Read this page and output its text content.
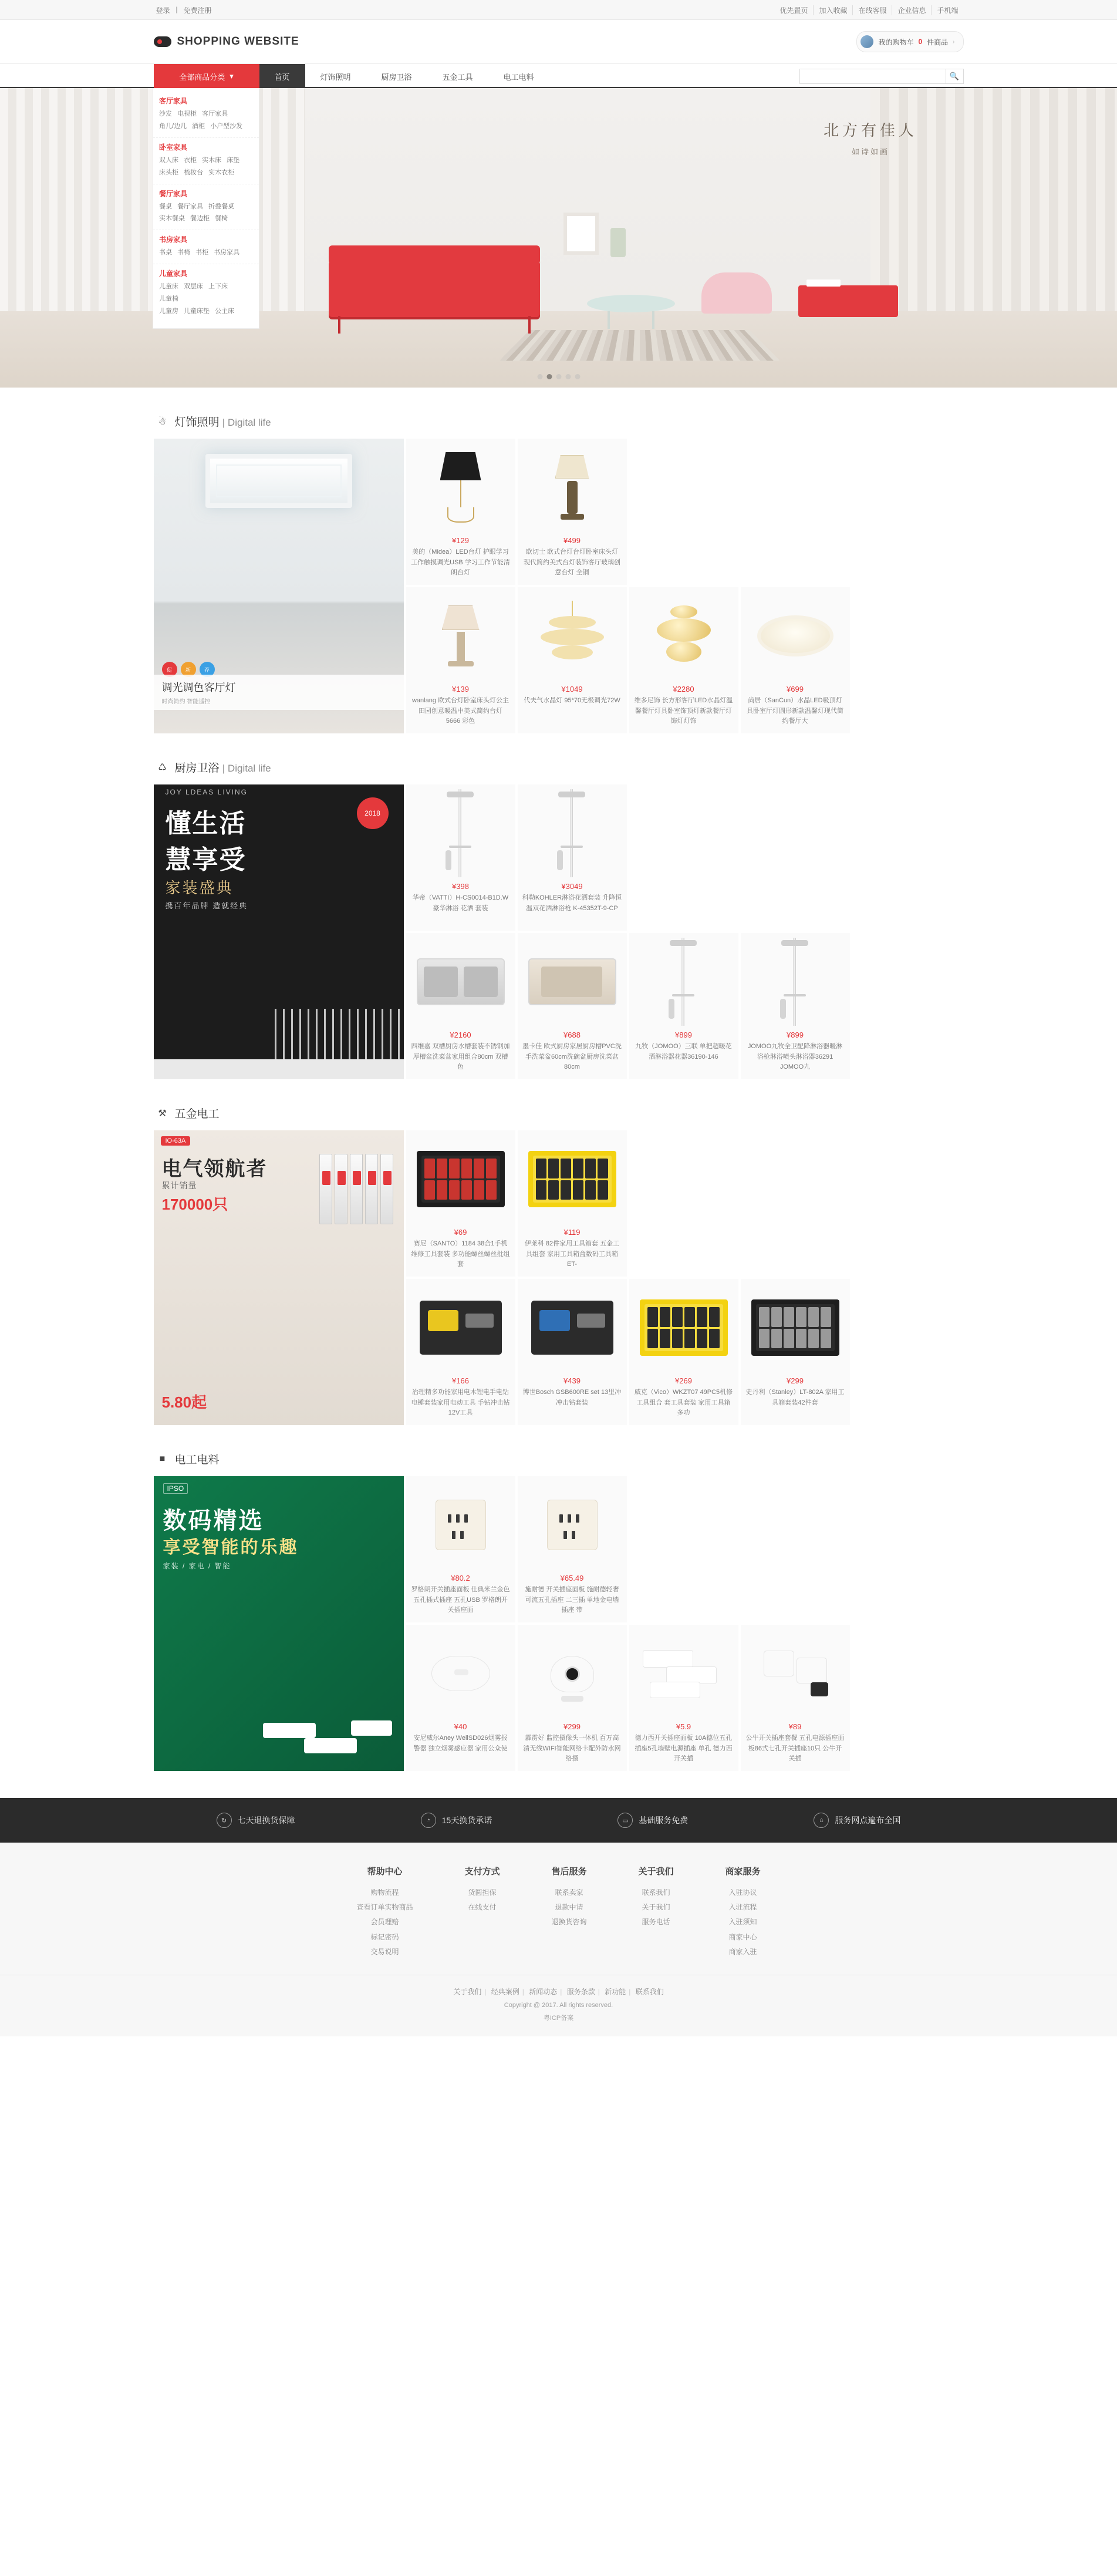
登录 | 免费注册	优先置页	加入收藏	在线客服	企业信息	手机端
SHOPPING WEBSITE	我的购物车 0 件商品 ›
全部商品分类 ▾	首页	灯饰照明	厨房卫浴	五金工具	电工电料	🔍
北方有佳人
如诗如画
客厅家具
沙发 电视柜 客厅家具
角几/边几 酒柜 小户型沙发
卧室家具
双人床 衣柜 实木床 床垫
床头柜 梳妆台 实木衣柜
餐厅家具
餐桌 餐厅家具 折叠餐桌
实木餐桌 餐边柜 餐椅
书房家具
书桌 书椅 书柜 书房家具
儿童家具
儿童床 双层床 上下床 儿童椅
儿童房 儿童床垫 公主床
☃ 灯饰照明 | Digital life
促	新	荐
调光调色客厅灯
时尚简约 智能遥控
¥129
美的（Midea）LED台灯 护眼学习工作触摸调光USB 学习工作节能清朗台灯
¥499
欧切士 欧式台灯台灯卧室床头灯 现代简约美式台灯装饰客厅玻璃创意台灯 全铜
¥139
wanlang 欧式台灯卧室床头灯公主田园创意暖温中美式简约台灯 5666 彩色
¥1049
代夫气水晶灯 95*70无极调光72W
¥2280
维多尼饰 长方形客厅LED水晶灯温馨餐厅灯具卧室饰顶灯新款餐厅灯饰灯灯饰
¥699
尚居（SanCun）水晶LED吸顶灯具卧室厅灯圆形新款温馨灯现代简约餐厅大
♺ 厨房卫浴 | Digital life
JOY LDEAS LIVING
懂生活
慧享受
家装盛典
携百年品牌 造就经典
2018
¥398
华帝（VATTI）H-CS0014-B1D.W 豪华淋浴 花洒 套装
¥3049
科勒KOHLER淋浴花洒套装 升降恒温双花洒淋浴枪 K-45352T-9-CP
¥2160
四维嘉 双槽厨房水槽套装不锈钢加厚槽盆洗菜盆家用组合80cm 双槽色
¥688
墨卡佳 欧式厨房家居厨房槽PVC洗手洗菜盆60cm洗碗盆厨房洗菜盆80cm
¥899
九牧（JOMOO）三联 单把超暖花洒淋浴器花器36190-146
¥899
JOMOO九牧全卫配降淋浴器暖淋浴枪淋浴喷头淋浴器36291 JOMOO九
⚒ 五金电工
IO-63A
电气领航者
累计销量
170000只
5.80起
¥69
赛尼（SANTO）1184 38合1手机维修工具套装 多功能螺丝螺丝批组套
¥119
伊莱科 82件家用工具箱套 五金工具组套 家用工具箱盒数码工具箱 ET-
¥166
冶理精多功能家用电木锂电手电钻 电锤套装家用电动工具 手钻冲击钻12V工具
¥439
博世Bosch GSB600RE set 13里冲冲击钻套装
¥269
威克（Vico）WKZT07 49PC5机修工具组合 套工具套装 家用工具箱 多功
¥299
史丹利（Stanley）LT-802A 家用工具箱套装42件套
■ 电工电料
IPSO
数码精选
享受智能的乐趣
家装 / 家电 / 智能
¥80.2
罗格朗开关插座面板 仕典米兰金色五孔插式插座 五孔USB 罗格朗开关插座面
¥65.49
施耐德 开关插座面板 施耐德轻奢可流五孔插座 二三插 单地金电墙插座 带
¥40
安尼威尔Aney WellSD026烟雾报警器 独立烟雾感应器 家用公众使
¥299
霹雳好 监控摄像头一体机 百万高清无线WIFI智能网络卡配外防水网络摄
¥5.9
德力西开关插座面板 10A德位五孔插座5孔墙壁电源插座 单孔 德力西开关插
¥89
公牛开关插座套餐 五孔电源插座面板86式七孔开关插座10只 公牛开关插
↻	七天退换货保障	◔	15天换货承诺	▭	基础服务免费	⌂	服务网点遍布全国
帮助中心
购物流程
查看订单实物商品
会员理赔
标记密码
交易说明
支付方式
货圆担保
在线支付
售后服务
联系卖家
退款中请
退换货咨询
关于我们
联系我们
关于我们
服务电话
商家服务
入驻协议
入驻流程
入驻须知
商家中心
商家入驻
关于我们 | 经典案例 | 新闻动态 | 服务条款 | 新功能 | 联系我们
Copyright @ 2017. All rights reserved.
粤ICP备案
